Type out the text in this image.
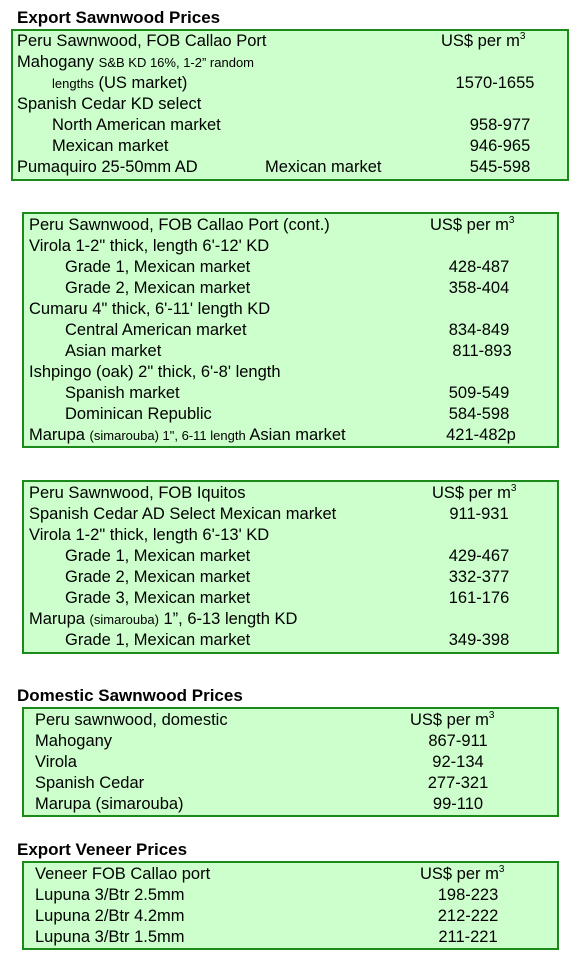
Export Sawnwood Prices
Peru Sawnwood, FOB Callao Port	US$ per $m^3$
Mahogany S&B KD 16%, 1-2” random
lengths (US market)	1570-1655
Spanish Cedar KD select
North American market	958-977
Mexican market	946-965
Pumaquiro 25-50mm AD	Mexican market	545-598
Peru Sawnwood, FOB Callao Port (cont.)	US$ per $m^3$
Virola 1-2" thick, length 6'-12' KD
Grade 1, Mexican market	428-487
Grade 2, Mexican market	358-404
Cumaru 4" thick, 6'-11' length KD
Central American market	834-849
Asian market	811-893
Ishpingo (oak) 2" thick, 6'-8' length
Spanish market	509-549
Dominican Republic	584-598
Marupa (simarouba) 1", 6-11 length Asian market	421-482p
Peru Sawnwood, FOB Iquitos	US$ per $m^3$
Spanish Cedar AD Select Mexican market	911-931
Virola 1-2" thick, length 6'-13' KD
Grade 1, Mexican market	429-467
Grade 2, Mexican market	332-377
Grade 3, Mexican market	161-176
Marupa (simarouba) 1”, 6-13 length KD
Grade 1, Mexican market	349-398
Domestic Sawnwood Prices
Peru sawnwood, domestic	US$ per $m^3$
Mahogany	867-911
Virola	92-134
Spanish Cedar	277-321
Marupa (simarouba)	99-110
Export Veneer Prices
Veneer FOB Callao port	US$ per $m^3$
Lupuna 3/Btr 2.5mm	198-223
Lupuna 2/Btr 4.2mm	212-222
Lupuna 3/Btr 1.5mm	211-221
